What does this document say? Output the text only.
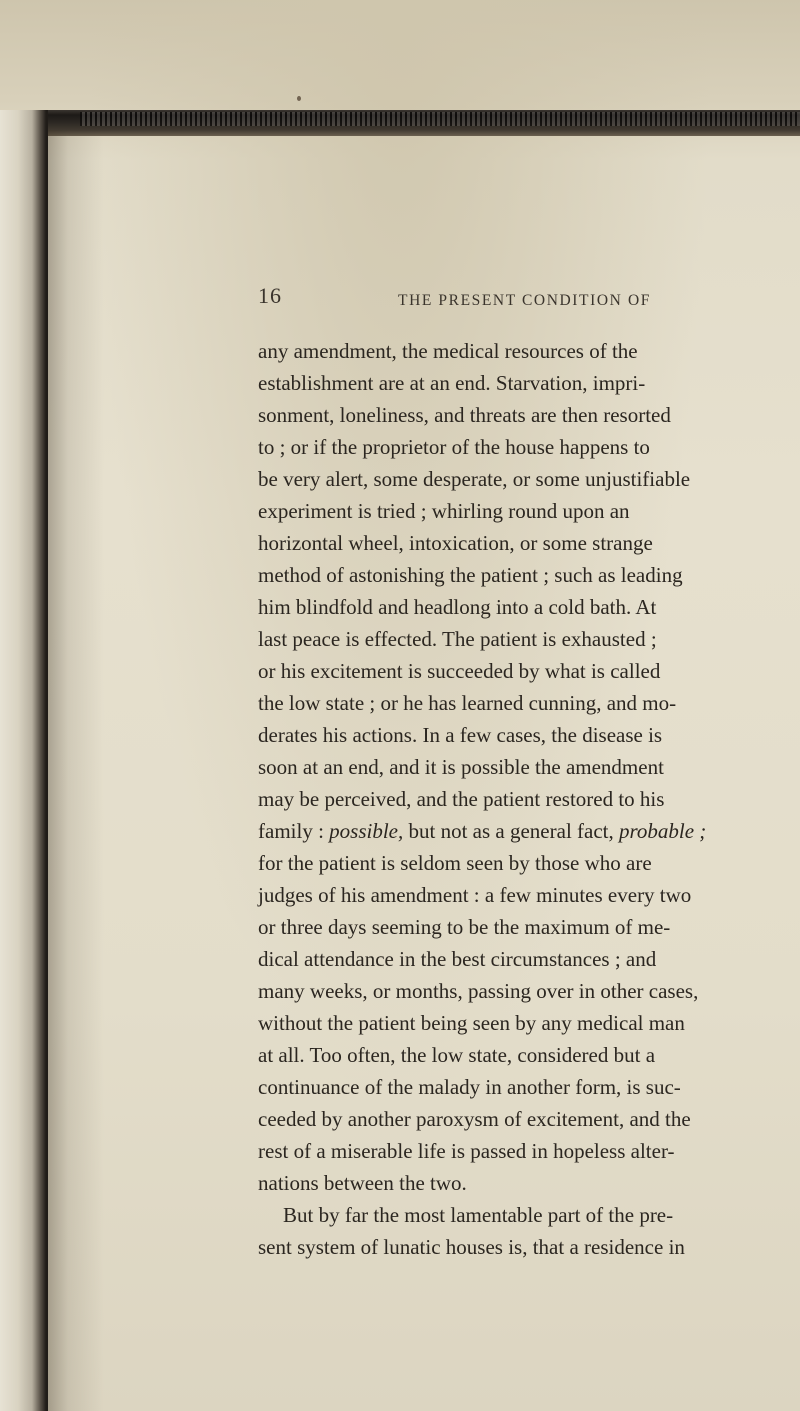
16	THE PRESENT CONDITION OF
any amendment, the medical resources of the
establishment are at an end. Starvation, impri-
sonment, loneliness, and threats are then resorted
to ; or if the proprietor of the house happens to
be very alert, some desperate, or some unjustifiable
experiment is tried ; whirling round upon an
horizontal wheel, intoxication, or some strange
method of astonishing the patient ; such as leading
him blindfold and headlong into a cold bath. At
last peace is effected. The patient is exhausted ;
or his excitement is succeeded by what is called
the low state ; or he has learned cunning, and mo-
derates his actions. In a few cases, the disease is
soon at an end, and it is possible the amendment
may be perceived, and the patient restored to his
family : possible, but not as a general fact, probable ;
for the patient is seldom seen by those who are
judges of his amendment : a few minutes every two
or three days seeming to be the maximum of me-
dical attendance in the best circumstances ; and
many weeks, or months, passing over in other cases,
without the patient being seen by any medical man
at all. Too often, the low state, considered but a
continuance of the malady in another form, is suc-
ceeded by another paroxysm of excitement, and the
rest of a miserable life is passed in hopeless alter-
nations between the two.
But by far the most lamentable part of the pre-
sent system of lunatic houses is, that a residence in
